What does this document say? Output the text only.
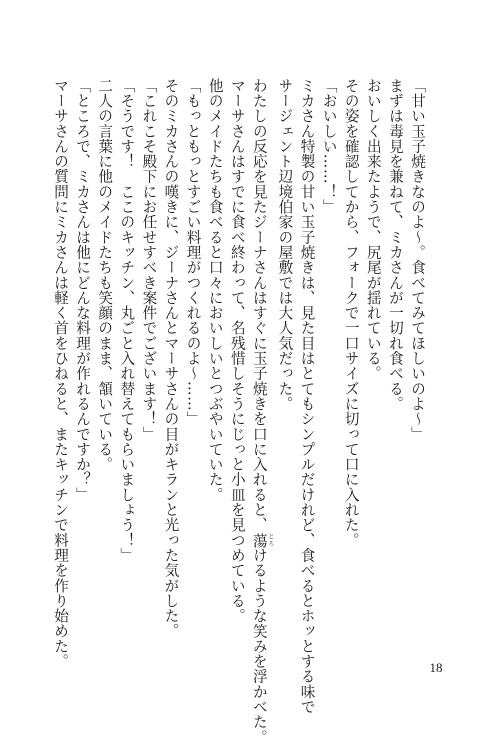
「甘い玉子焼きなのよ～。食べてみてほしいのよ～」
まずは毒見を兼ねて、ミカさんが一切れ食べる。
おいしく出来たようで、尻尾が揺れている。
その姿を確認してから、フォークで一口サイズに切って口に入れた。
「おいしい……！」
ミカさん特製の甘い玉子焼きは、見た目はとてもシンプルだけれど、食べるとホッとする味で
サージェント辺境伯家の屋敷では大人気だった。
わたしの反応を見たジーナさんはすぐに玉子焼きを口に入れると、蕩 とろけるような笑みを浮かべた。
マーサさんはすでに食べ終わって、名残惜しそうにじっと小皿を見つめている。
他のメイドたちも食べると口々においしいとつぶやいていた。
「もっともっとすごい料理がつくれるのよ～……」
そのミカさんの嘆きに、ジーナさんとマーサさんの目がキランと光った気がした。
「これこそ殿下にお任せすべき案件でございます！」
「そうです！　ここのキッチン、丸ごと入れ替えてもらいましょう！」
二人の言葉に他のメイドたちも笑顔のまま、頷いている。
「ところで、ミカさんは他にどんな料理が作れるんですか？」
マーサさんの質問にミカさんは軽く首をひねると、またキッチンで料理を作り始めた。	18
